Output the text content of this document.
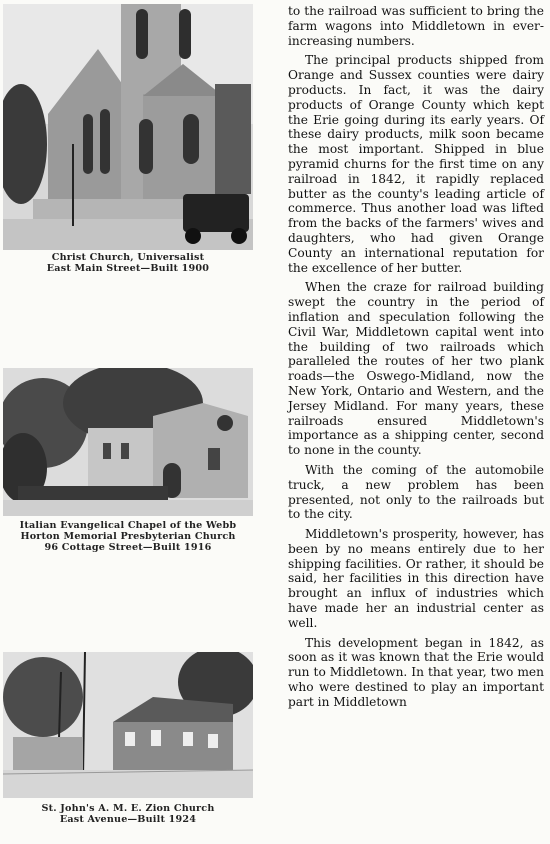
Christ Church, Universalist
East Main Street—Built 1900
Italian Evangelical Chapel of the Webb
Horton Memorial Presbyterian Church
96 Cottage Street—Built 1916
St. John's A. M. E. Zion Church
East Avenue—Built 1924

to the railroad was sufficient to bring the farm wagons into Middletown in ever-increasing numbers.

The principal products shipped from Orange and Sussex counties were dairy products. In fact, it was the dairy products of Orange County which kept the Erie going during its early years. Of these dairy products, milk soon became the most important. Shipped in blue pyramid churns for the first time on any railroad in 1842, it rapidly replaced butter as the county's leading article of commerce. Thus another load was lifted from the backs of the farmers' wives and daughters, who had given Orange County an international reputation for the excellence of her butter.

When the craze for railroad building swept the country in the period of inflation and speculation following the Civil War, Middletown capital went into the building of two railroads which paralleled the routes of her two plank roads—the Oswego-Midland, now the New York, Ontario and Western, and the Jersey Midland. For many years, these railroads ensured Middletown's importance as a shipping center, second to none in the county.

With the coming of the automobile truck, a new problem has been presented, not only to the railroads but to the city.

Middletown's prosperity, however, has been by no means entirely due to her shipping facilities. Or rather, it should be said, her facilities in this direction have brought an influx of industries which have made her an industrial center as well.

This development began in 1842, as soon as it was known that the Erie would run to Middletown. In that year, two men who were destined to play an important part in Middletown
